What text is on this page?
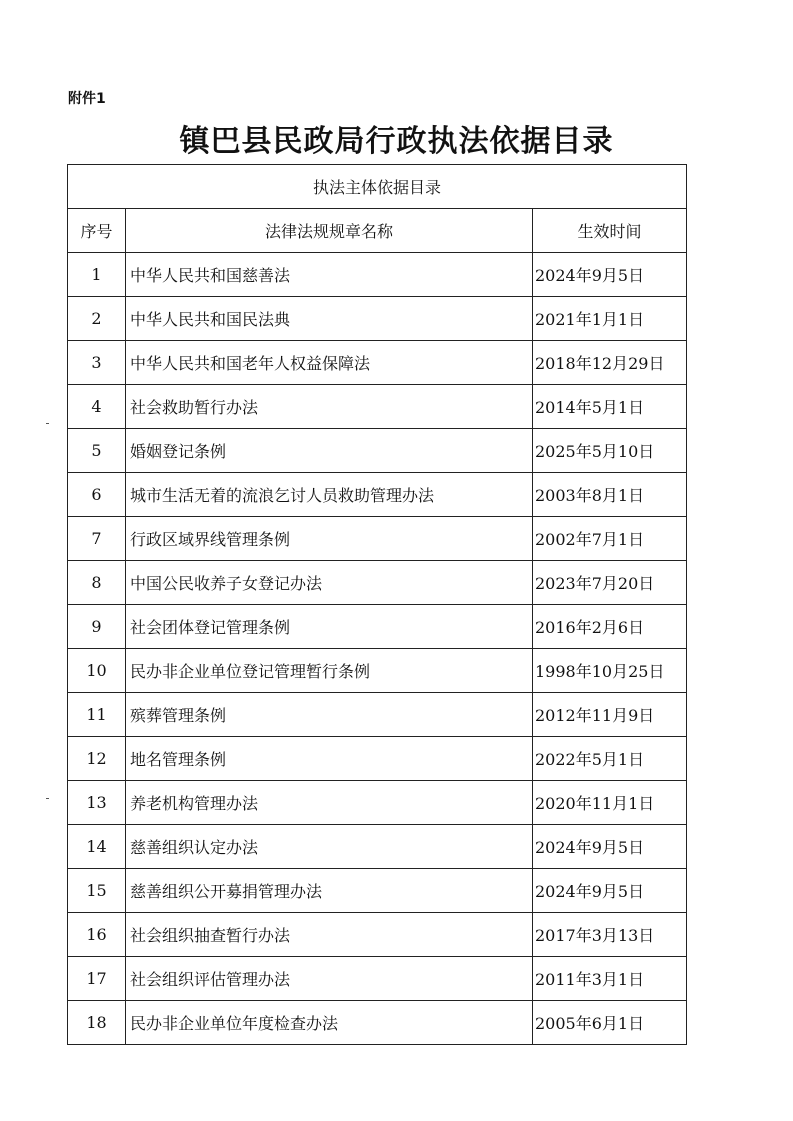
附件1
镇巴县民政局行政执法依据目录
执法主体依据目录		
序号	法律法规规章名称	生效时间
1	中华人民共和国慈善法	2024年9月5日
2	中华人民共和国民法典	2021年1月1日
3	中华人民共和国老年人权益保障法	2018年12月29日
4	社会救助暂行办法	2014年5月1日
5	婚姻登记条例	2025年5月10日
6	城市生活无着的流浪乞讨人员救助管理办法	2003年8月1日
7	行政区域界线管理条例	2002年7月1日
8	中国公民收养子女登记办法	2023年7月20日
9	社会团体登记管理条例	2016年2月6日
10	民办非企业单位登记管理暂行条例	1998年10月25日
11	殡葬管理条例	2012年11月9日
12	地名管理条例	2022年5月1日
13	养老机构管理办法	2020年11月1日
14	慈善组织认定办法	2024年9月5日
15	慈善组织公开募捐管理办法	2024年9月5日
16	社会组织抽查暂行办法	2017年3月13日
17	社会组织评估管理办法	2011年3月1日
18	民办非企业单位年度检查办法	2005年6月1日
